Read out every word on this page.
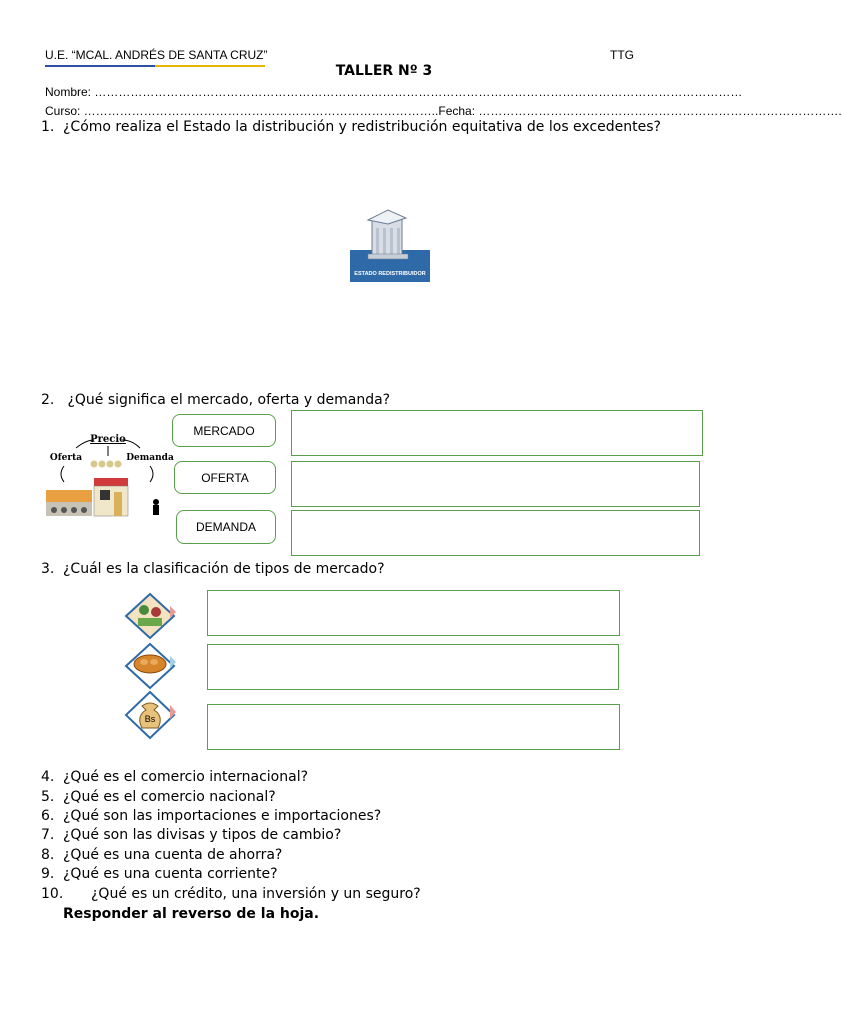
U.E. “MCAL. ANDRÉS DE SANTA CRUZ”	TTG
TALLER Nº 3
Nombre: ………………………………………………………………………………………………………………………………………………
Curso: ……………………………………………………………………………..Fecha: ……………………………………………………………………………….
1. ¿Cómo realiza el Estado la distribución y redistribución equitativa de los excedentes?
ESTADO REDISTRIBUIDOR
2. ¿Qué significa el mercado, oferta y demanda?
Precio
Oferta	Demanda
MERCADO
OFERTA
DEMANDA
3. ¿Cuál es la clasificación de tipos de mercado?
Bs
4. ¿Qué es el comercio internacional?
5. ¿Qué es el comercio nacional?
6. ¿Qué son las importaciones e importaciones?
7. ¿Qué son las divisas y tipos de cambio?
8. ¿Qué es una cuenta de ahorra?
9. ¿Qué es una cuenta corriente?
10. ¿Qué es un crédito, una inversión y un seguro?
Responder al reverso de la hoja.
